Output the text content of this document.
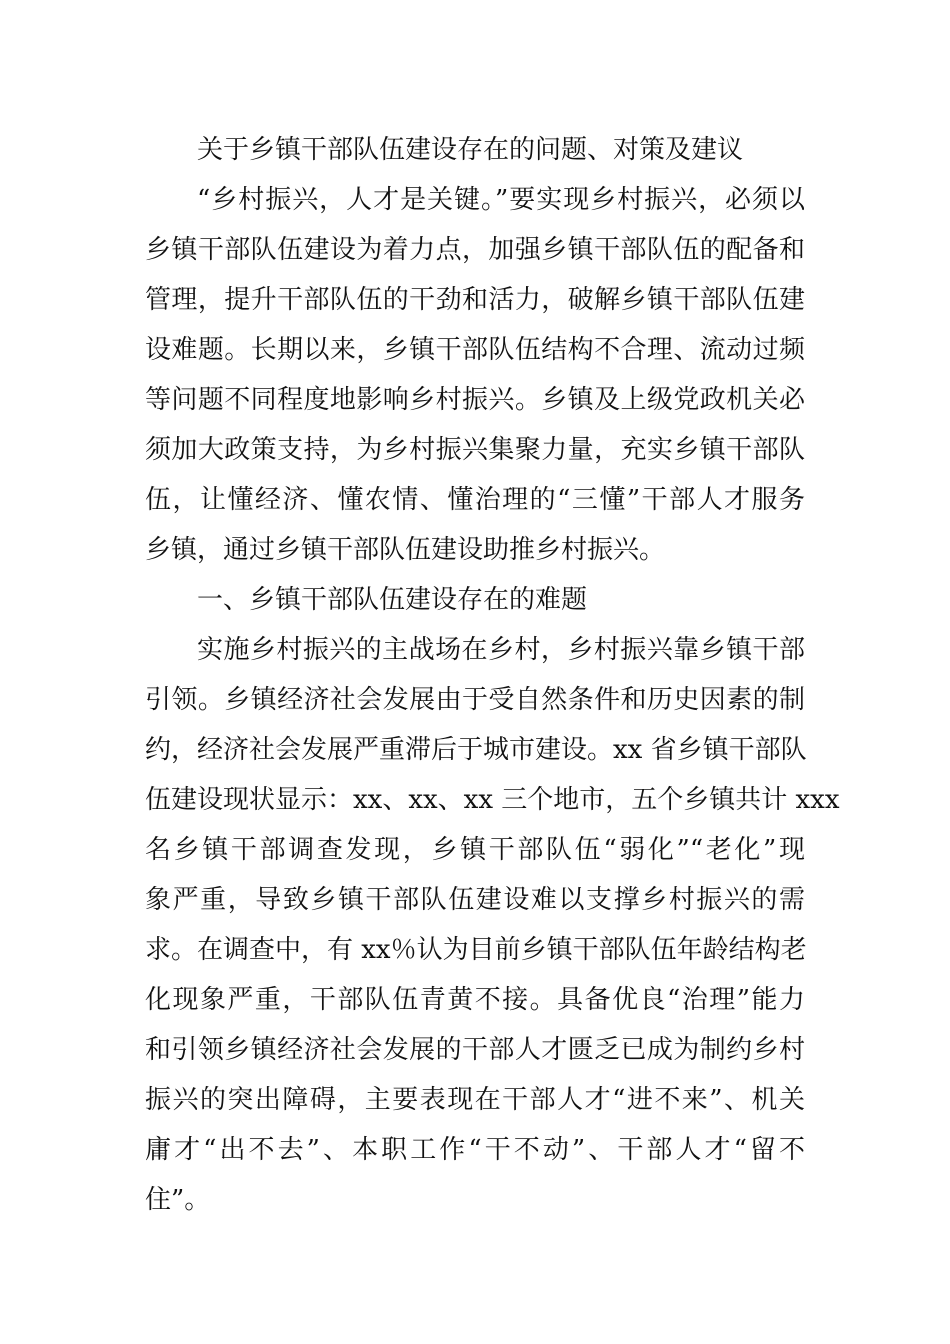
关于乡镇干部队伍建设存在的问题、对策及建议
“乡村振兴，人才是关键。”要实现乡村振兴，必须以
乡镇干部队伍建设为着力点，加强乡镇干部队伍的配备和
管理，提升干部队伍的干劲和活力，破解乡镇干部队伍建
设难题。长期以来，乡镇干部队伍结构不合理、流动过频
等问题不同程度地影响乡村振兴。乡镇及上级党政机关必
须加大政策支持，为乡村振兴集聚力量，充实乡镇干部队
伍，让懂经济、懂农情、懂治理的“三懂”干部人才服务
乡镇，通过乡镇干部队伍建设助推乡村振兴。
一、乡镇干部队伍建设存在的难题
实施乡村振兴的主战场在乡村，乡村振兴靠乡镇干部
引领。乡镇经济社会发展由于受自然条件和历史因素的制
约，经济社会发展严重滞后于城市建设。xx 省乡镇干部队
伍建设现状显示：xx、xx、xx 三个地市，五个乡镇共计 xxx
名乡镇干部调查发现，乡镇干部队伍“弱化”“老化”现
象严重，导致乡镇干部队伍建设难以支撑乡村振兴的需
求。在调查中，有 xx％认为目前乡镇干部队伍年龄结构老
化现象严重，干部队伍青黄不接。具备优良“治理”能力
和引领乡镇经济社会发展的干部人才匮乏已成为制约乡村
振兴的突出障碍，主要表现在干部人才“进不来”、机关
庸才“出不去”、本职工作“干不动”、干部人才“留不
住”。
